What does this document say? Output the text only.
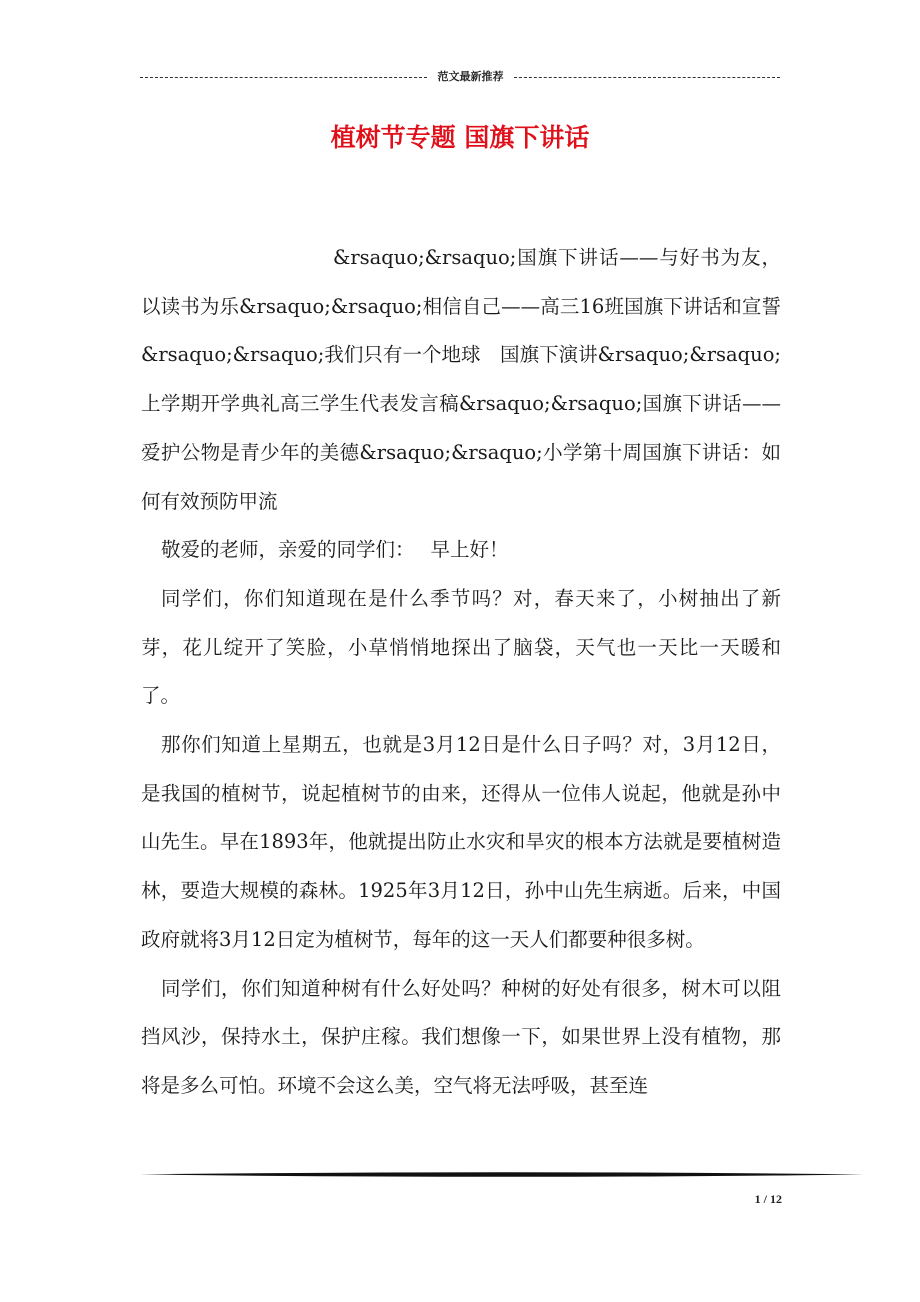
范文最新推荐
植树节专题 国旗下讲话

&rsaquo;&rsaquo;国旗下讲话——与好书为友，以读书为乐&rsaquo;&rsaquo;相信自己——高三16班国旗下讲话和宣誓&rsaquo;&rsaquo;我们只有一个地球　国旗下演讲&rsaquo;&rsaquo;上学期开学典礼高三学生代表发言稿&rsaquo;&rsaquo;国旗下讲话——爱护公物是青少年的美德&rsaquo;&rsaquo;小学第十周国旗下讲话：如何有效预防甲流

敬爱的老师，亲爱的同学们：　 早上好！

同学们，你们知道现在是什么季节吗？对，春天来了，小树抽出了新芽，花儿绽开了笑脸，小草悄悄地探出了脑袋，天气也一天比一天暖和了。

那你们知道上星期五，也就是3月12日是什么日子吗？对，3月12日，是我国的植树节，说起植树节的由来，还得从一位伟人说起，他就是孙中山先生。早在1893年，他就提出防止水灾和旱灾的根本方法就是要植树造林，要造大规模的森林。1925年3月12日，孙中山先生病逝。后来，中国政府就将3月12日定为植树节，每年的这一天人们都要种很多树。

同学们，你们知道种树有什么好处吗？种树的好处有很多，树木可以阻挡风沙，保持水土，保护庄稼。我们想像一下，如果世界上没有植物，那将是多么可怕。环境不会这么美，空气将无法呼吸，甚至连

1 / 12
